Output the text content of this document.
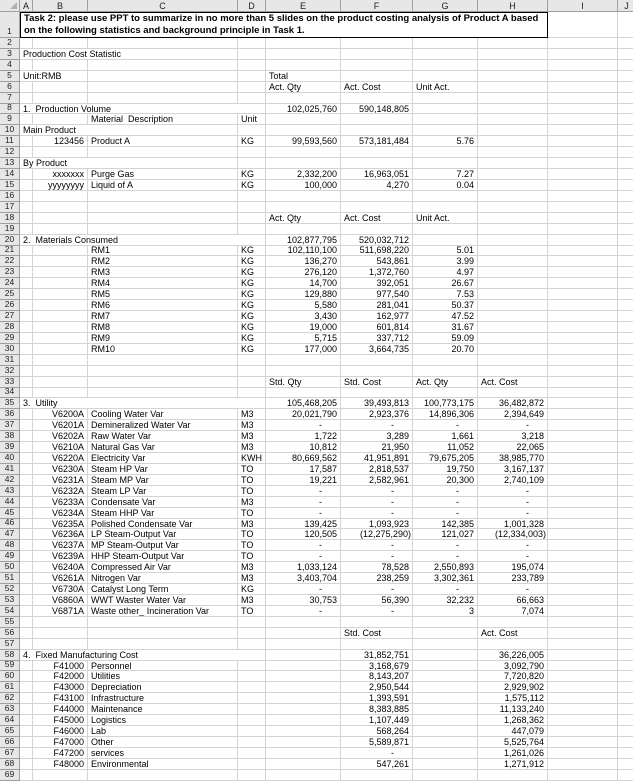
A	B	C	D	E	F	G	H	I	J
1
Task 2: please use PPT to summarize in no more than 5 slides on the product costing analysis of Product A based on the following statistics and background principle in Task 1.
2
3	Production Cost Statistic
4
5	Unit:RMB	Total
6	Act. Qty	Act. Cost	Unit Act.
7
8	1.  Production Volume	102,025,760	590,148,805
9	Material  Description	Unit
10 Main Product
11	123456 Product A	KG	99,593,560	573,181,484	5.76
12
13 By Product
14	xxxxxxx Purge Gas	KG	2,332,200	16,963,051	7.27
15	yyyyyyyy Liquid of A	KG	100,000	4,270	0.04
16
17
18	Act. Qty	Act. Cost	Unit Act.
19
20 2.  Materials Consumed	102,877,795	520,032,712
21	RM1	KG	102,110,100	511,698,220	5.01
22	RM2	KG	136,270	543,861	3.99
23	RM3	KG	276,120	1,372,760	4.97
24	RM4	KG	14,700	392,051	26.67
25	RM5	KG	129,880	977,540	7.53
26	RM6	KG	5,580	281,041	50.37
27	RM7	KG	3,430	162,977	47.52
28	RM8	KG	19,000	601,814	31.67
29	RM9	KG	5,715	337,712	59.09
30	RM10	KG	177,000	3,664,735	20.70
31
32
33	Std. Qty	Std. Cost	Act. Qty	Act. Cost
34
35 3.  Utility	105,468,205	39,493,813	100,773,175	36,482,872
36	V6200A Cooling Water Var	M3	20,021,790	2,923,376	14,896,306	2,394,649
37	V6201A Demineralized Water Var	M3	-	-	-	-
38	V6202A Raw Water Var	M3	1,722	3,289	1,661	3,218
39	V6210A Natural Gas Var	M3	10,812	21,950	11,052	22,065
40	V6220A Electricity Var	KWH	80,669,562	41,951,891	79,675,205	38,985,770
41	V6230A Steam HP Var	TO	17,587	2,818,537	19,750	3,167,137
42	V6231A Steam MP Var	TO	19,221	2,582,961	20,300	2,740,109
43	V6232A Steam LP Var	TO	-	-	-	-
44	V6233A Condensate Var	M3	-	-	-	-
45	V6234A Steam HHP Var	TO	-	-	-	-
46	V6235A Polished Condensate Var	M3	139,425	1,093,923	142,385	1,001,328
47	V6236A LP Steam-Output Var	TO	120,505	(12,275,290)	121,027	(12,334,003)
48	V6237A MP Steam-Output Var	TO	-	-	-	-
49	V6239A HHP Steam-Output Var	TO	-	-	-	-
50	V6240A Compressed Air Var	M3	1,033,124	78,528	2,550,893	195,074
51	V6261A Nitrogen Var	M3	3,403,704	238,259	3,302,361	233,789
52	V6730A Catalyst Long Term	KG	-	-	-	-
53	V6860A WWT Waster Water Var	M3	30,753	56,390	32,232	66,663
54	V6871A Waste other_ Incineration Var	TO	-	-	3	7,074
55
56	Std. Cost	Act. Cost
57
58 4.  Fixed Manufacturing Cost	31,852,751	36,226,005
59	F41000 Personnel	3,168,679	3,092,790
60	F42000 Utilities	8,143,207	7,720,820
61	F43000 Depreciation	2,950,544	2,929,902
62	F43100 Infrastructure	1,393,591	1,575,112
63	F44000 Maintenance	8,383,885	11,133,240
64	F45000 Logistics	1,107,449	1,268,362
65	F46000 Lab	568,264	447,079
66	F47000 Other	5,589,871	5,525,764
67	F47200 services	-	1,261,026
68	F48000 Environmental	547,261	1,271,912
69
